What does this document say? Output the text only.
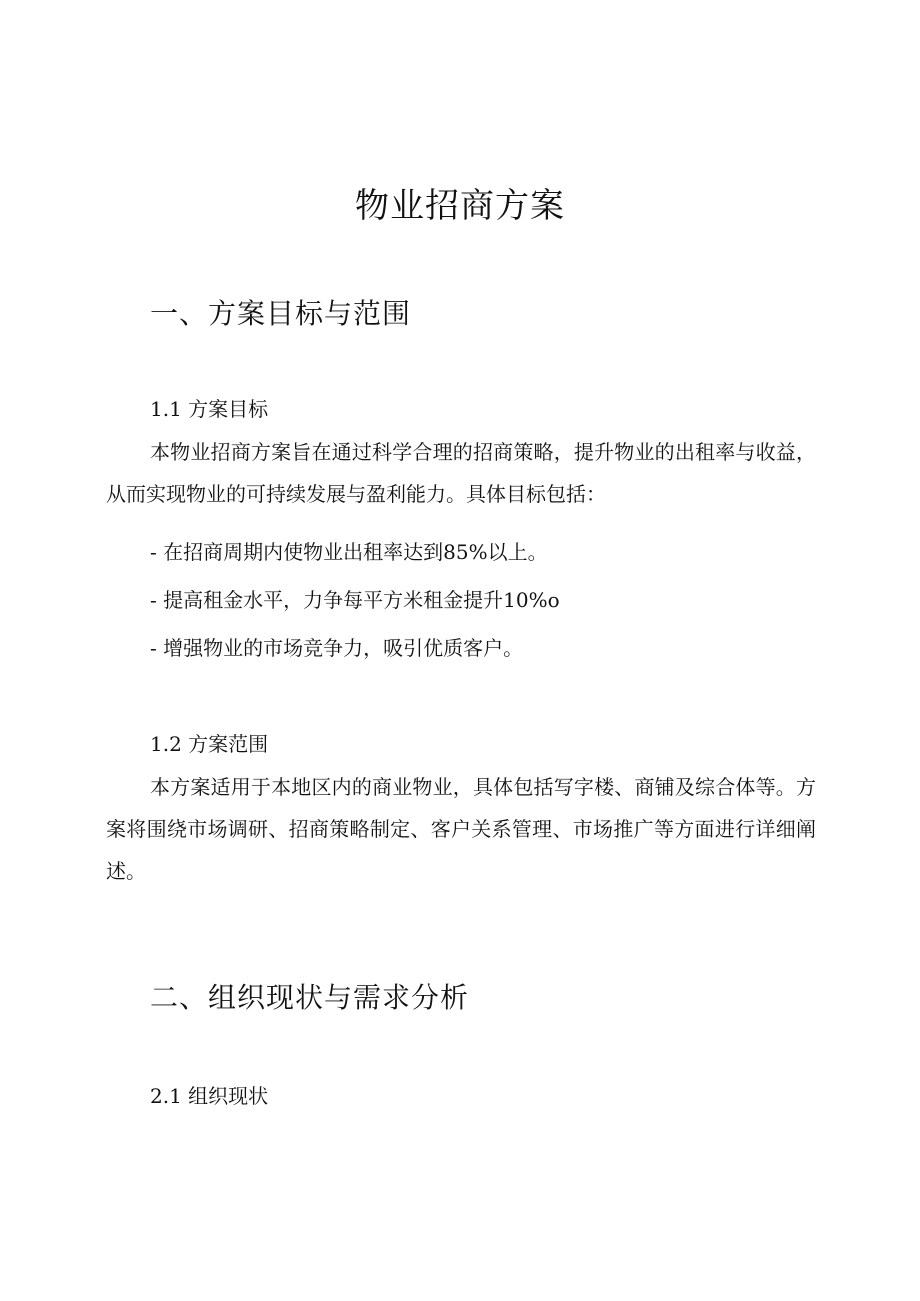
物业招商方案
一、方案目标与范围
1.1 方案目标
本物业招商方案旨在通过科学合理的招商策略，提升物业的出租率与收益，从而实现物业的可持续发展与盈利能力。具体目标包括：
- 在招商周期内使物业出租率达到85%以上。
- 提高租金水平，力争每平方米租金提升10%o
- 增强物业的市场竞争力，吸引优质客户。
1.2 方案范围
本方案适用于本地区内的商业物业，具体包括写字楼、商铺及综合体等。方案将围绕市场调研、招商策略制定、客户关系管理、市场推广等方面进行详细阐述。
二、组织现状与需求分析
2.1 组织现状
